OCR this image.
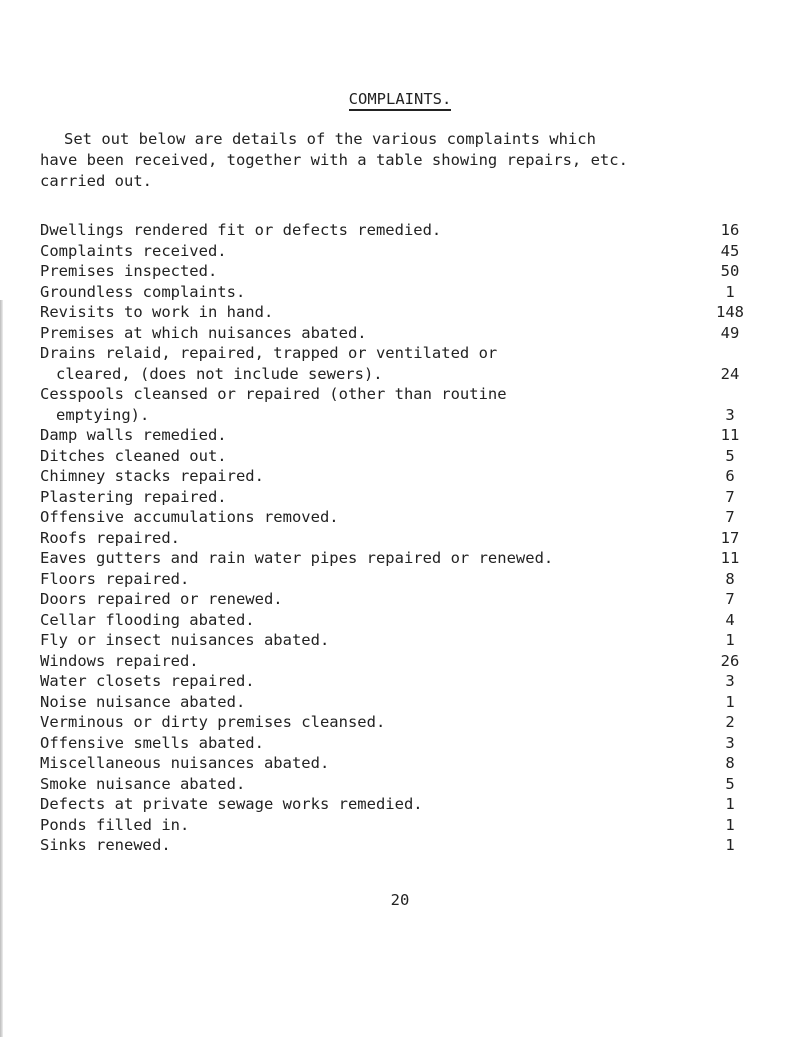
COMPLAINTS.
Set out below are details of the various complaints which
have been received, together with a table showing repairs, etc.
carried out.
Dwellings rendered fit or defects remedied.	16
Complaints received.	45
Premises inspected.	50
Groundless complaints.	1
Revisits to work in hand.	148
Premises at which nuisances abated.	49
Drains relaid, repaired, trapped or ventilated or
cleared, (does not include sewers).	24
Cesspools cleansed or repaired (other than routine
emptying).	3
Damp walls remedied.	11
Ditches cleaned out.	5
Chimney stacks repaired.	6
Plastering repaired.	7
Offensive accumulations removed.	7
Roofs repaired.	17
Eaves gutters and rain water pipes repaired or renewed.	11
Floors repaired.	8
Doors repaired or renewed.	7
Cellar flooding abated.	4
Fly or insect nuisances abated.	1
Windows repaired.	26
Water closets repaired.	3
Noise nuisance abated.	1
Verminous or dirty premises cleansed.	2
Offensive smells abated.	3
Miscellaneous nuisances abated.	8
Smoke nuisance abated.	5
Defects at private sewage works remedied.	1
Ponds filled in.	1
Sinks renewed.	1
20
